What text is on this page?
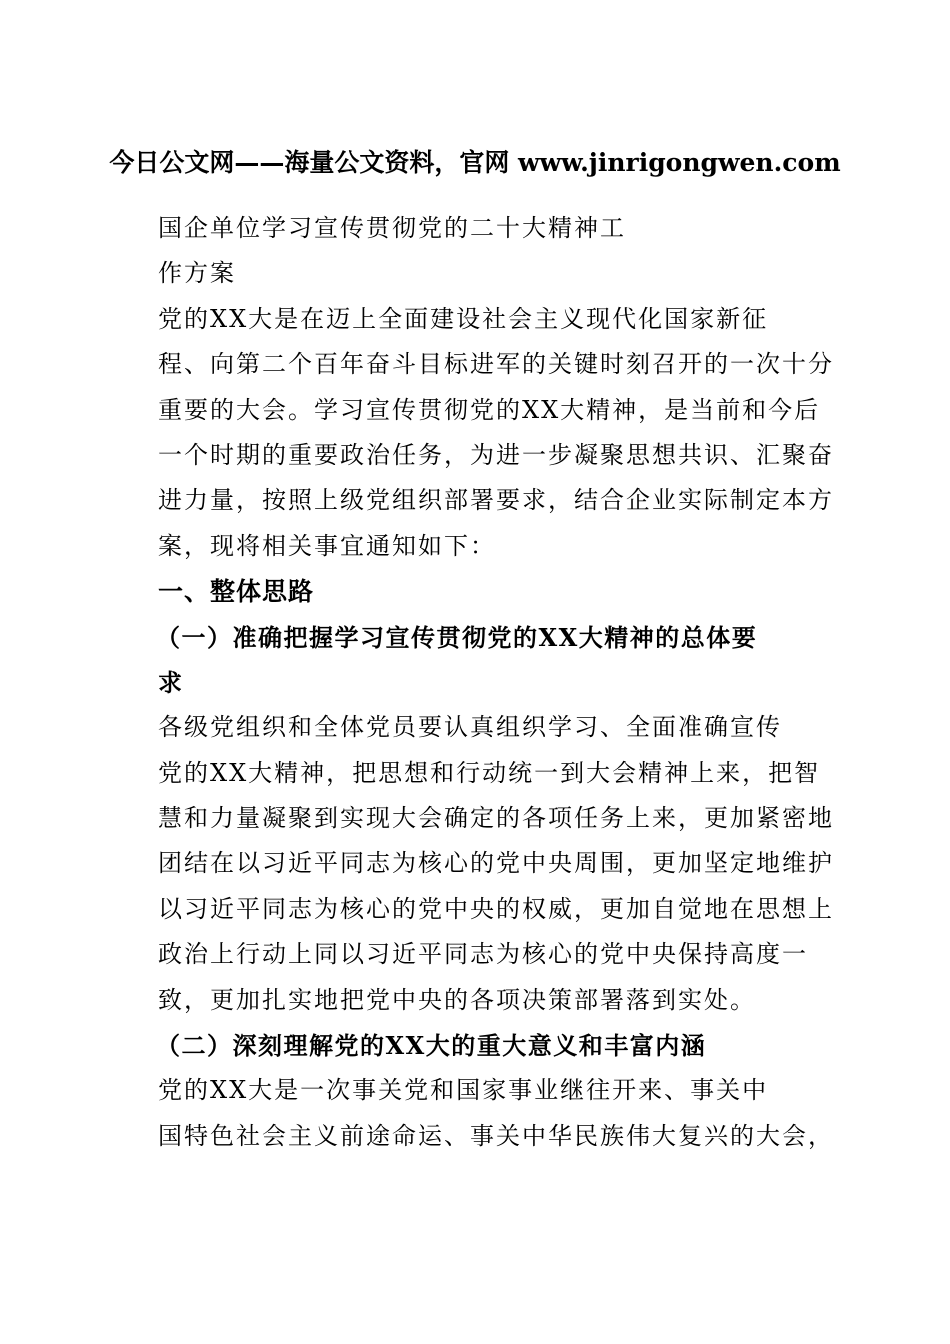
今日公文网——海量公文资料，官网 www.jinrigongwen.com
国企单位学习宣传贯彻党的二十大精神工
作方案
党的XX大是在迈上全面建设社会主义现代化国家新征
程、向第二个百年奋斗目标进军的关键时刻召开的一次十分
重要的大会。学习宣传贯彻党的XX大精神，是当前和今后
一个时期的重要政治任务，为进一步凝聚思想共识、汇聚奋
进力量，按照上级党组织部署要求，结合企业实际制定本方
案，现将相关事宜通知如下：
一、整体思路
（一）准确把握学习宣传贯彻党的XX大精神的总体要
求
各级党组织和全体党员要认真组织学习、全面准确宣传
党的XX大精神，把思想和行动统一到大会精神上来，把智
慧和力量凝聚到实现大会确定的各项任务上来，更加紧密地
团结在以习近平同志为核心的党中央周围，更加坚定地维护
以习近平同志为核心的党中央的权威，更加自觉地在思想上
政治上行动上同以习近平同志为核心的党中央保持高度一
致，更加扎实地把党中央的各项决策部署落到实处。
（二）深刻理解党的XX大的重大意义和丰富内涵
党的XX大是一次事关党和国家事业继往开来、事关中
国特色社会主义前途命运、事关中华民族伟大复兴的大会，
